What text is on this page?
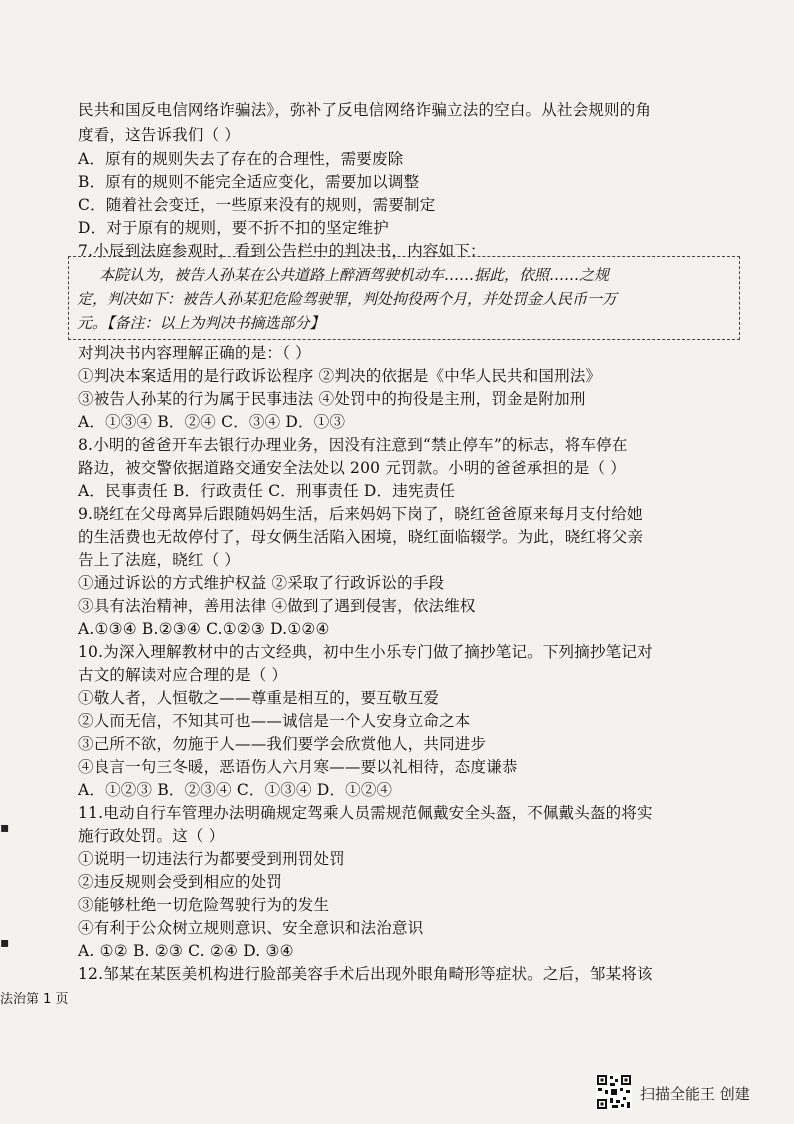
民共和国反电信网络诈骗法》，弥补了反电信网络诈骗立法的空白。从社会规则的角
度看，这告诉我们（ ）
A．原有的规则失去了存在的合理性，需要废除
B．原有的规则不能完全适应变化，需要加以调整
C．随着社会变迁，一些原来没有的规则，需要制定
D．对于原有的规则，要不折不扣的坚定维护
7.小辰到法庭参观时，看到公告栏中的判决书，内容如下：
本院认为，被告人孙某在公共道路上醉酒驾驶机动车……据此，依照……之规
定，判决如下：被告人孙某犯危险驾驶罪，判处拘役两个月，并处罚金人民币一万
元。【备注：以上为判决书摘选部分】
对判决书内容理解正确的是：（ ）
①判决本案适用的是行政诉讼程序 ②判决的依据是《中华人民共和国刑法》
③被告人孙某的行为属于民事违法 ④处罚中的拘役是主刑，罚金是附加刑
A．①③④ B．②④ C．③④ D．①③
8.小明的爸爸开车去银行办理业务，因没有注意到“禁止停车”的标志，将车停在
路边，被交警依据道路交通安全法处以 200 元罚款。小明的爸爸承担的是（ ）
A．民事责任 B．行政责任 C．刑事责任 D．违宪责任
9.晓红在父母离异后跟随妈妈生活，后来妈妈下岗了，晓红爸爸原来每月支付给她
的生活费也无故停付了，母女俩生活陷入困境，晓红面临辍学。为此，晓红将父亲
告上了法庭，晓红（ ）
①通过诉讼的方式维护权益 ②采取了行政诉讼的手段
③具有法治精神，善用法律 ④做到了遇到侵害，依法维权
A.①③④ B.②③④ C.①②③ D.①②④
10.为深入理解教材中的古文经典，初中生小乐专门做了摘抄笔记。下列摘抄笔记对
古文的解读对应合理的是（ ）
①敬人者，人恒敬之——尊重是相互的，要互敬互爱
②人而无信，不知其可也——诚信是一个人安身立命之本
③己所不欲，勿施于人——我们要学会欣赏他人，共同进步
④良言一句三冬暖，恶语伤人六月寒——要以礼相待，态度谦恭
A．①②③ B．②③④ C．①③④ D．①②④
11.电动自行车管理办法明确规定驾乘人员需规范佩戴安全头盔，不佩戴头盔的将实
施行政处罚。这（ ）
①说明一切违法行为都要受到刑罚处罚
②违反规则会受到相应的处罚
③能够杜绝一切危险驾驶行为的发生
④有利于公众树立规则意识、安全意识和法治意识
A. ①② B. ②③ C. ②④ D. ③④
12.邹某在某医美机构进行脸部美容手术后出现外眼角畸形等症状。之后，邹某将该
▪
▪
法治第 1 页
扫描全能王 创建
